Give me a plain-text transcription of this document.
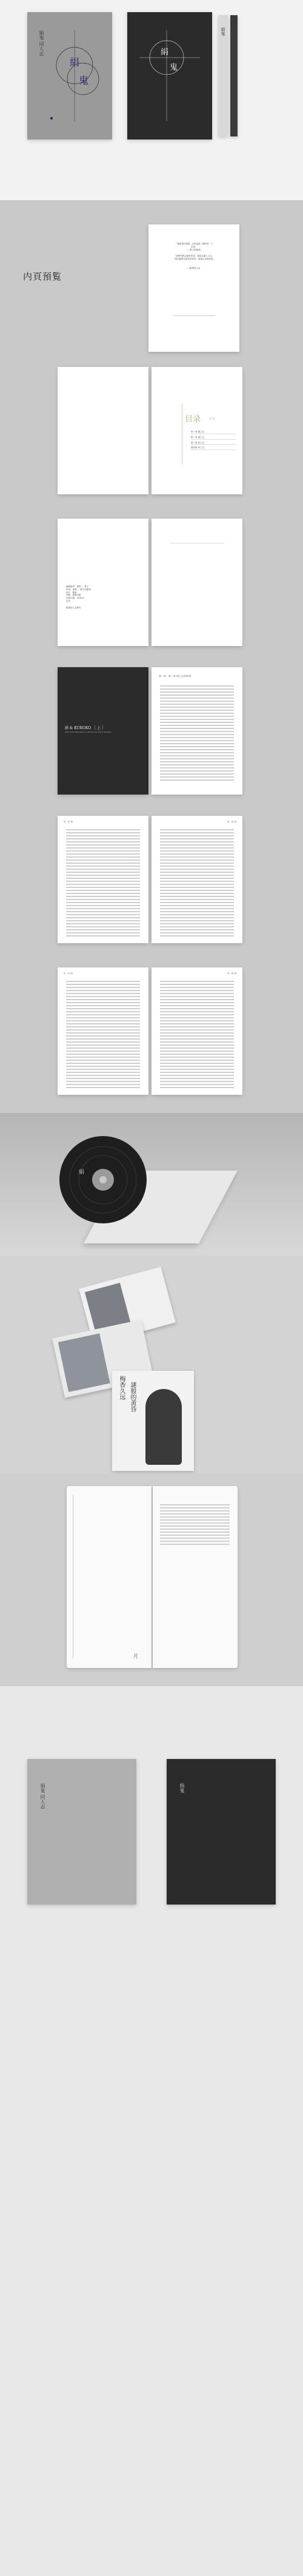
絹鬼 同人志
絹
鬼
絹
鬼
絹鬼
内頁預覧
「青峰君的球感，已经渗透了我的每一个
生命」
「—黑子的篮球」
「青峰君教会我的东西，我将它融入人生」
「我们能够以朋友的身份，重新认识彼此吗」
—绢鬼同人志
目录	目录
第一章 绢之名
第二章 鬼之名
第三章 恋之名
第四章 终之名
编辑组织：绢鬼 ／ 黑子
作者：青峰 ／ 黑子的篮球
设计：绢鬼
印刷：绢鬼出版
出版日期：2016年
定价：
绢鬼同人志制作
絹 & KUROKO ［ 上 ］
THE ONE SHE REALLY WANTS IS ONLY MYSELF
第一章 · 第一章 绢之名的故事
第一章 绢	第一章 绢
第一章 绢	第一章 绢
絹
梅香久远 謎般的黄昏
月
絹鬼 同人志	绢鬼
